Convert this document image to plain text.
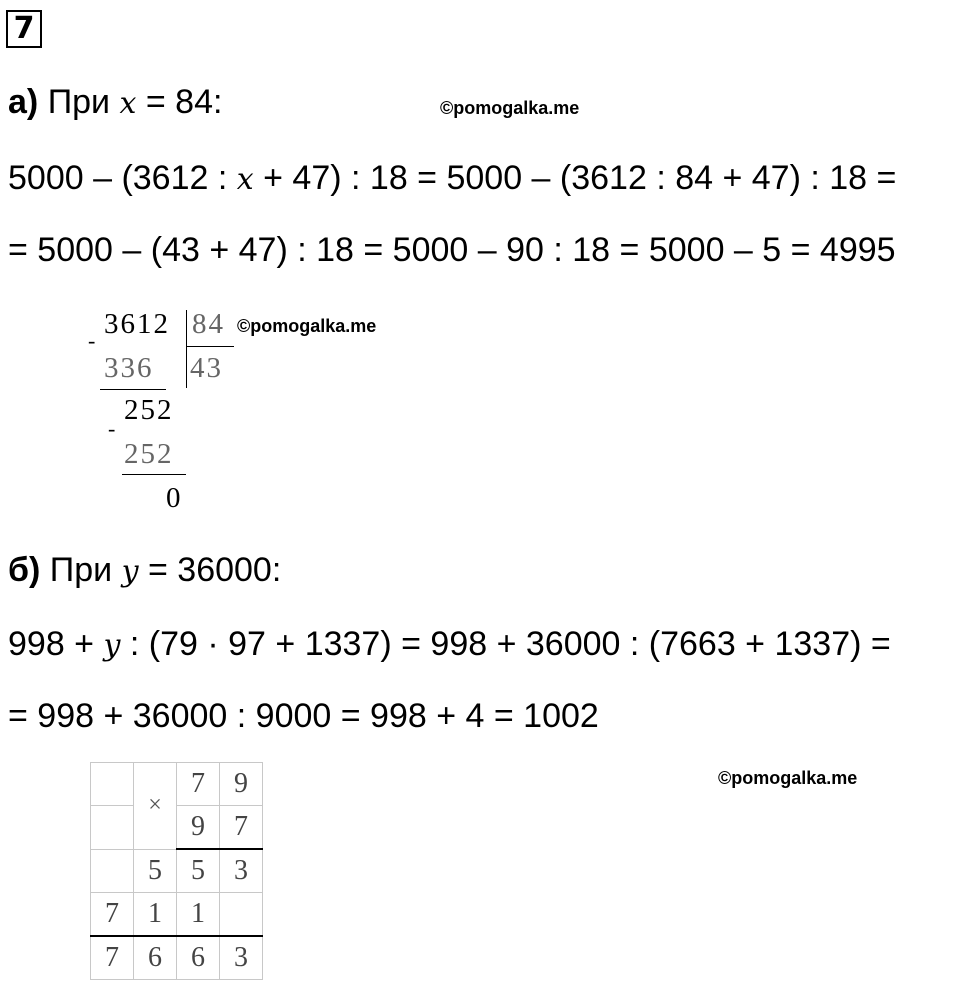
7
а) При x = 84:	©pomogalka.me
5000 – (3612 : x + 47) : 18 = 5000 – (3612 : 84 + 47) : 18 =
= 5000 – (43 + 47) : 18 = 5000 – 90 : 18 = 5000 – 5 = 4995
3612 84 ©pomogalka.me
-
336 43
252
-
252
0
б) При y = 36000:
998 + y : (79 · 97 + 1337) = 998 + 36000 : (7663 + 1337) =
= 998 + 36000 : 9000 = 998 + 4 = 1002
©pomogalka.me
	×	7	9
		9	7
	5	5	3
7	1	1	
7	6	6	3
